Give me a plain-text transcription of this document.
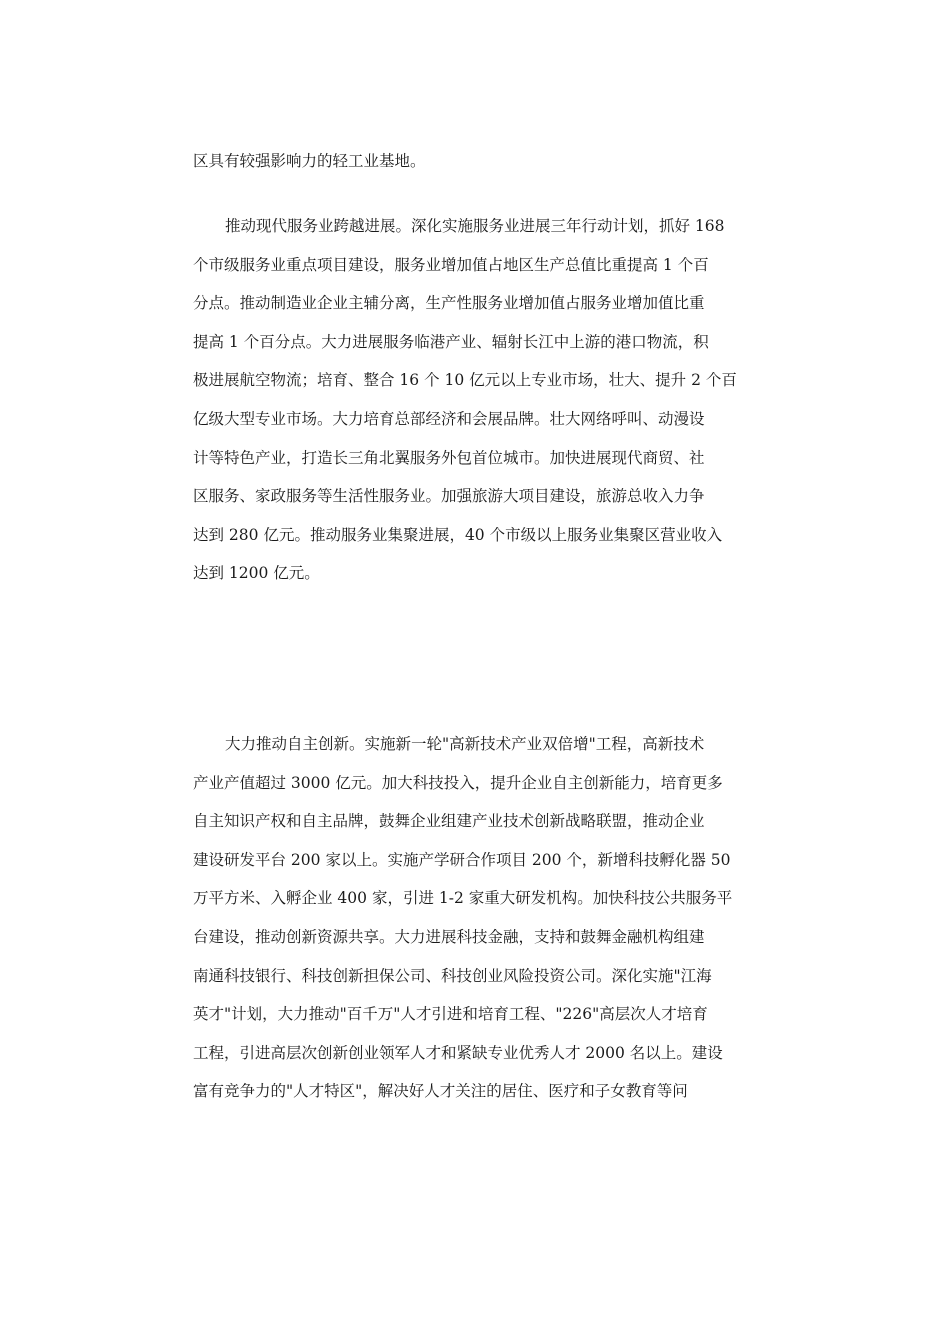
区具有较强影响力的轻工业基地。
推动现代服务业跨越进展。深化实施服务业进展三年行动计划，抓好 168
个市级服务业重点项目建设，服务业增加值占地区生产总值比重提高 1 个百
分点。推动制造业企业主辅分离，生产性服务业增加值占服务业增加值比重
提高 1 个百分点。大力进展服务临港产业、辐射长江中上游的港口物流，积
极进展航空物流；培育、整合 16 个 10 亿元以上专业市场，壮大、提升 2 个百
亿级大型专业市场。大力培育总部经济和会展品牌。壮大网络呼叫、动漫设
计等特色产业，打造长三角北翼服务外包首位城市。加快进展现代商贸、社
区服务、家政服务等生活性服务业。加强旅游大项目建设，旅游总收入力争
达到 280 亿元。推动服务业集聚进展，40 个市级以上服务业集聚区营业收入
达到 1200 亿元。
大力推动自主创新。实施新一轮"高新技术产业双倍增"工程，高新技术
产业产值超过 3000 亿元。加大科技投入，提升企业自主创新能力，培育更多
自主知识产权和自主品牌，鼓舞企业组建产业技术创新战略联盟，推动企业
建设研发平台 200 家以上。实施产学研合作项目 200 个，新增科技孵化器 50
万平方米、入孵企业 400 家，引进 1-2 家重大研发机构。加快科技公共服务平
台建设，推动创新资源共享。大力进展科技金融，支持和鼓舞金融机构组建
南通科技银行、科技创新担保公司、科技创业风险投资公司。深化实施"江海
英才"计划，大力推动"百千万"人才引进和培育工程、"226"高层次人才培育
工程，引进高层次创新创业领军人才和紧缺专业优秀人才 2000 名以上。建设
富有竞争力的"人才特区"，解决好人才关注的居住、医疗和子女教育等问
